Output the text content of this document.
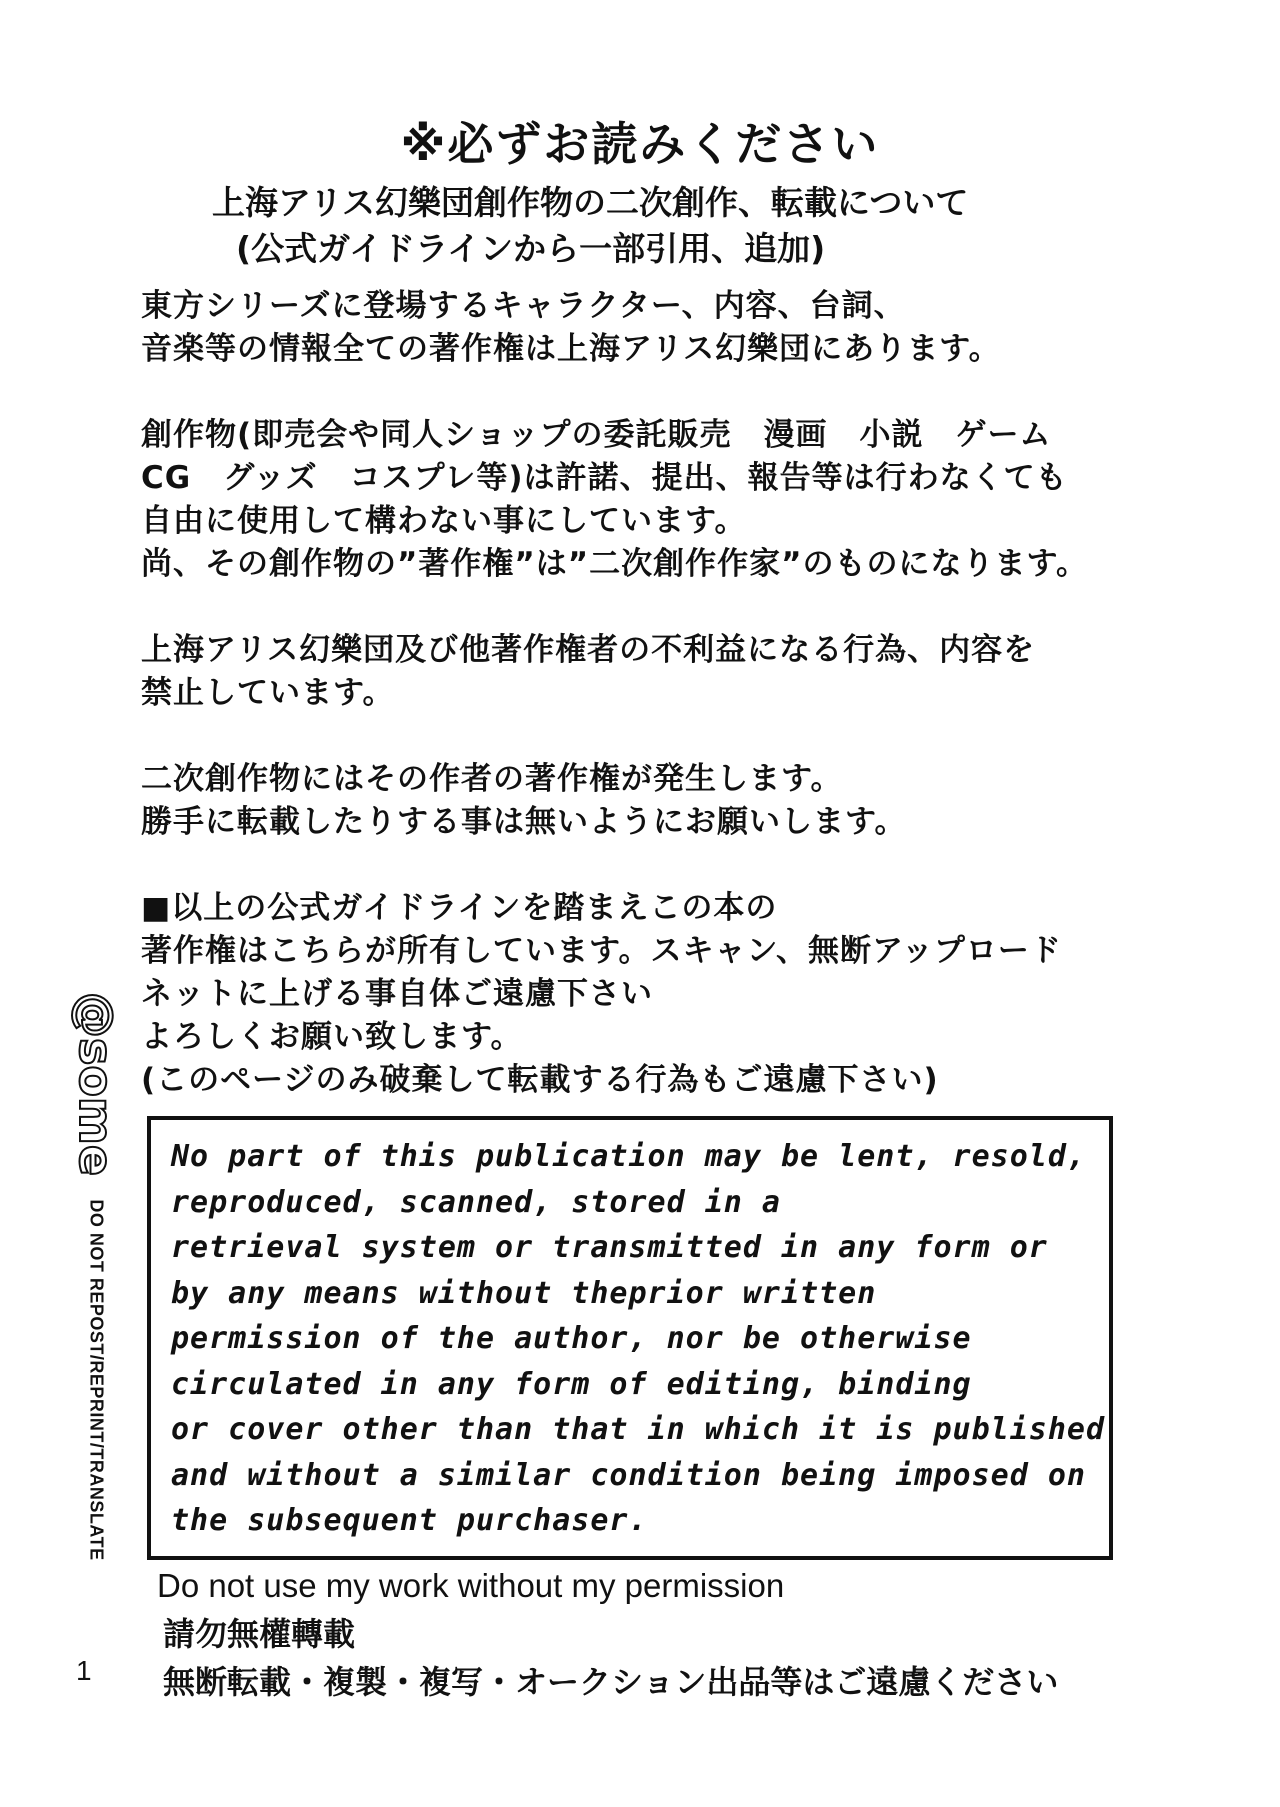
※必ずお読みください
上海アリス幻樂団創作物の二次創作、転載について
(公式ガイドラインから一部引用、追加)
東方シリーズに登場するキャラクター、内容、台詞、
音楽等の情報全ての著作権は上海アリス幻樂団にあります。
創作物(即売会や同人ショップの委託販売　漫画　小説　ゲーム
CG　グッズ　コスプレ等)は許諾、提出、報告等は行わなくても
自由に使用して構わない事にしています。
尚、その創作物の”著作権”は”二次創作作家”のものになります。
上海アリス幻樂団及び他著作権者の不利益になる行為、内容を
禁止しています。
二次創作物にはその作者の著作権が発生します。
勝手に転載したりする事は無いようにお願いします。
■以上の公式ガイドラインを踏まえこの本の
著作権はこちらが所有しています。スキャン、無断アップロード
ネットに上げる事自体ご遠慮下さい
よろしくお願い致します。
(このページのみ破棄して転載する行為もご遠慮下さい)
No part of this publication may be lent, resold,
reproduced, scanned, stored in a
retrieval system or transmitted in any form or
by any means without theprior written
permission of the author, nor be otherwise
circulated in any form of editing, binding
or cover other than that in which it is published
and without a similar condition being imposed on
the subsequent purchaser.
Do not use my work without my permission
請勿無權轉載
無断転載・複製・複写・オークション出品等はご遠慮ください
@some
DO NOT REPOST/REPRINT/TRANSLATE
1
